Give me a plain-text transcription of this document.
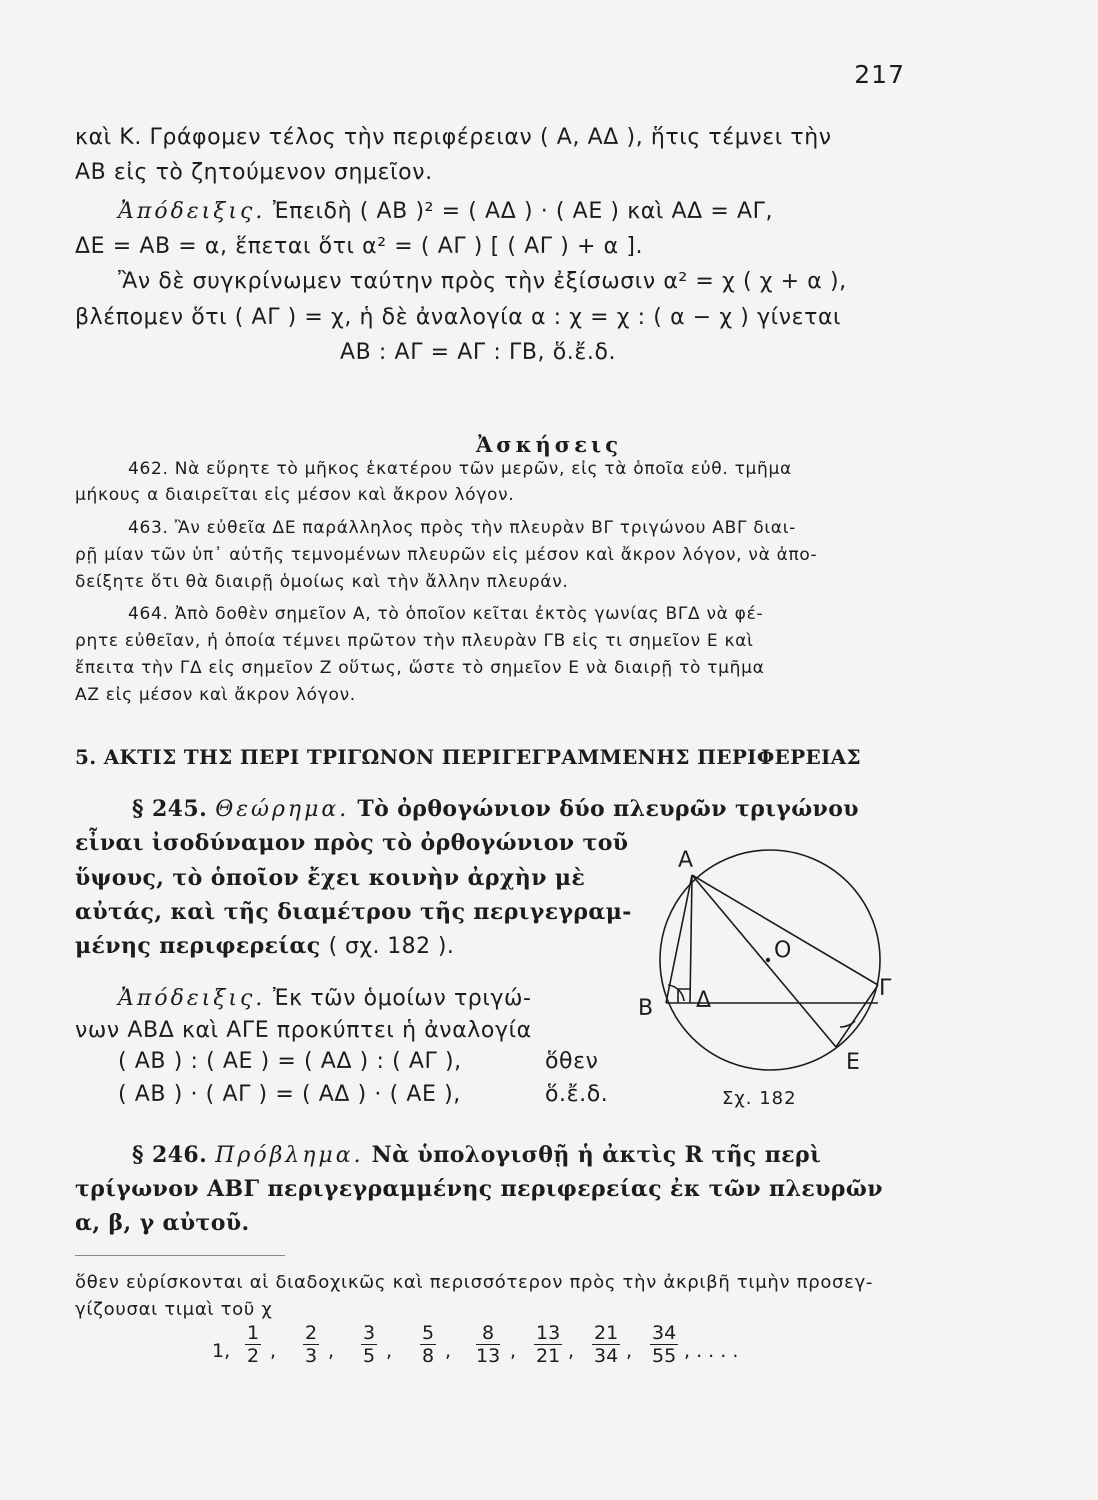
217
καὶ Κ. Γράφομεν τέλος τὴν περιφέρειαν ( Α, ΑΔ ), ἥτις τέμνει τὴν
ΑΒ εἰς τὸ ζητούμενον σημεῖον.
Ἀπόδειξις. Ἐπειδὴ ( ΑΒ )² = ( ΑΔ ) · ( ΑΕ ) καὶ ΑΔ = ΑΓ,
ΔΕ = ΑΒ = α, ἕπεται ὅτι α² = ( ΑΓ ) [ ( ΑΓ ) + α ].
Ἂν δὲ συγκρίνωμεν ταύτην πρὸς τὴν ἐξίσωσιν α² = χ ( χ + α ),
βλέπομεν ὅτι ( ΑΓ ) = χ, ἡ δὲ ἀναλογία α : χ = χ : ( α − χ ) γίνεται
ΑΒ : ΑΓ = ΑΓ : ΓΒ, ὅ.ἔ.δ.
Ἀσκήσεις
462. Νὰ εὕρητε τὸ μῆκος ἑκατέρου τῶν μερῶν, εἰς τὰ ὁποῖα εὐθ. τμῆμα
μήκους α διαιρεῖται εἰς μέσον καὶ ἄκρον λόγον.
463. Ἂν εὐθεῖα ΔΕ παράλληλος πρὸς τὴν πλευρὰν ΒΓ τριγώνου ΑΒΓ διαι-
ρῇ μίαν τῶν ὑπ᾽ αὐτῆς τεμνομένων πλευρῶν εἰς μέσον καὶ ἄκρον λόγον, νὰ ἀπο-
δείξητε ὅτι θὰ διαιρῇ ὁμοίως καὶ τὴν ἄλλην πλευράν.
464. Ἀπὸ δοθὲν σημεῖον Α, τὸ ὁποῖον κεῖται ἐκτὸς γωνίας ΒΓΔ νὰ φέ-
ρητε εὐθεῖαν, ἡ ὁποία τέμνει πρῶτον τὴν πλευρὰν ΓΒ εἰς τι σημεῖον Ε καὶ
ἔπειτα τὴν ΓΔ εἰς σημεῖον Ζ οὕτως, ὥστε τὸ σημεῖον Ε νὰ διαιρῇ τὸ τμῆμα
ΑΖ εἰς μέσον καὶ ἄκρον λόγον.
5. ΑΚΤΙΣ ΤΗΣ ΠΕΡΙ ΤΡΙΓΩΝΟΝ ΠΕΡΙΓΕΓΡΑΜΜΕΝΗΣ ΠΕΡΙΦΕΡΕΙΑΣ
§ 245. Θεώρημα. Τὸ ὀρθογώνιον δύο πλευρῶν τριγώνου
εἶναι ἰσοδύναμον πρὸς τὸ ὀρθογώνιον τοῦ
ὕψους, τὸ ὁποῖον ἔχει κοινὴν ἀρχὴν μὲ
αὐτάς, καὶ τῆς διαμέτρου τῆς περιγεγραμ-
μένης περιφερείας ( σχ. 182 ).
Ἀπόδειξις. Ἐκ τῶν ὁμοίων τριγώ-
νων ΑΒΔ καὶ ΑΓΕ προκύπτει ἡ ἀναλογία
( ΑΒ ) : ( ΑΕ ) = ( ΑΔ ) : ( ΑΓ ),	ὅθεν
( ΑΒ ) · ( ΑΓ ) = ( ΑΔ ) · ( ΑΕ ),	ὅ.ἔ.δ.
Α
Β
Γ
Δ
Ε
Ο
Σχ. 182
§ 246. Πρόβλημα. Νὰ ὑπολογισθῇ ἡ ἀκτὶς R τῆς περὶ
τρίγωνον ΑΒΓ περιγεγραμμένης περιφερείας ἐκ τῶν πλευρῶν
α, β, γ αὐτοῦ.
ὅθεν εὑρίσκονται αἱ διαδοχικῶς καὶ περισσότερον πρὸς τὴν ἀκριβῆ τιμὴν προσεγ-
γίζουσαι τιμαὶ τοῦ χ
1, $\frac{1}{2}$ , $\frac{2}{3}$ , $\frac{3}{5}$ , $\frac{5}{8}$ , $\frac{8}{13}$ , $\frac{13}{21}$ , $\frac{21}{34}$ , $\frac{34}{55}$ , . . . .
